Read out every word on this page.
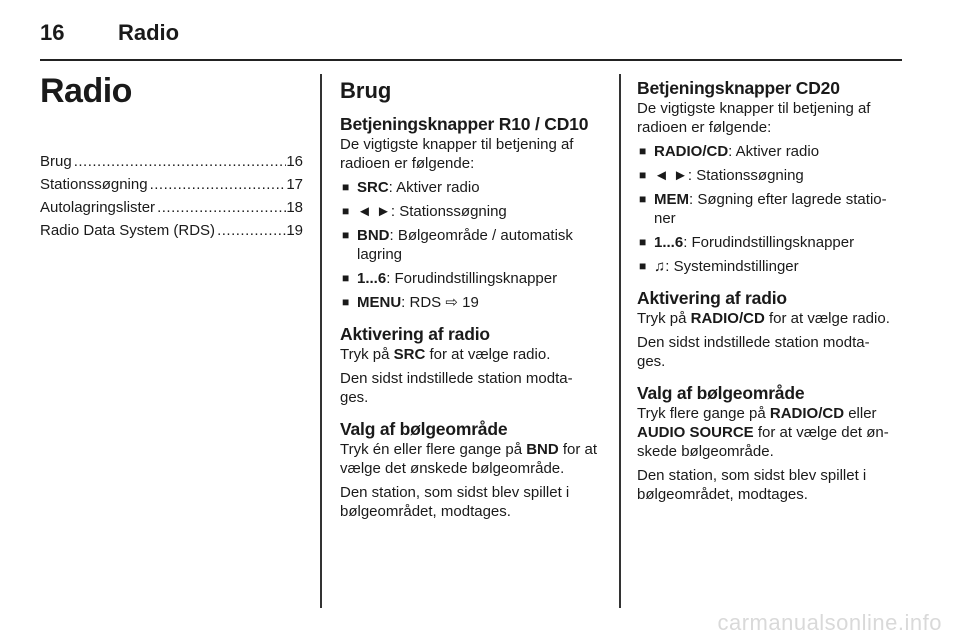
16 Radio
Radio
Brug .....	16
Stationssøgning .....	17
Autolagringslister .....	18
Radio Data System (RDS) .....	19
Brug
Betjeningsknapper R10 / CD10

De vigtigste knapper til betjening af radioen er følgende:

■ SRC: Aktiver radio
■ ◄ ►: Stationssøgning
■ BND: Bølgeområde / automatisk lagring
■ 1...6: Forudindstillingsknapper
■ MENU: RDS ⇨ 19
Aktivering af radio

Tryk på SRC for at vælge radio.

Den sidst indstillede station modta- ges.

Valg af bølgeområde

Tryk én eller flere gange på BND for at vælge det ønskede bølgeområde.

Den station, som sidst blev spillet i bølgeområdet, modtages.

Betjeningsknapper CD20

De vigtigste knapper til betjening af radioen er følgende:

■ RADIO/CD: Aktiver radio
■ ◄ ►: Stationssøgning
■ MEM: Søgning efter lagrede statio- ner
■ 1...6: Forudindstillingsknapper
■ ♫: Systemindstillinger
Aktivering af radio

Tryk på RADIO/CD for at vælge radio.

Den sidst indstillede station modta- ges.

Valg af bølgeområde

Tryk flere gange på RADIO/CD eller AUDIO SOURCE for at vælge det øn- skede bølgeområde.

Den station, som sidst blev spillet i bølgeområdet, modtages.

carmanualsonline.info
